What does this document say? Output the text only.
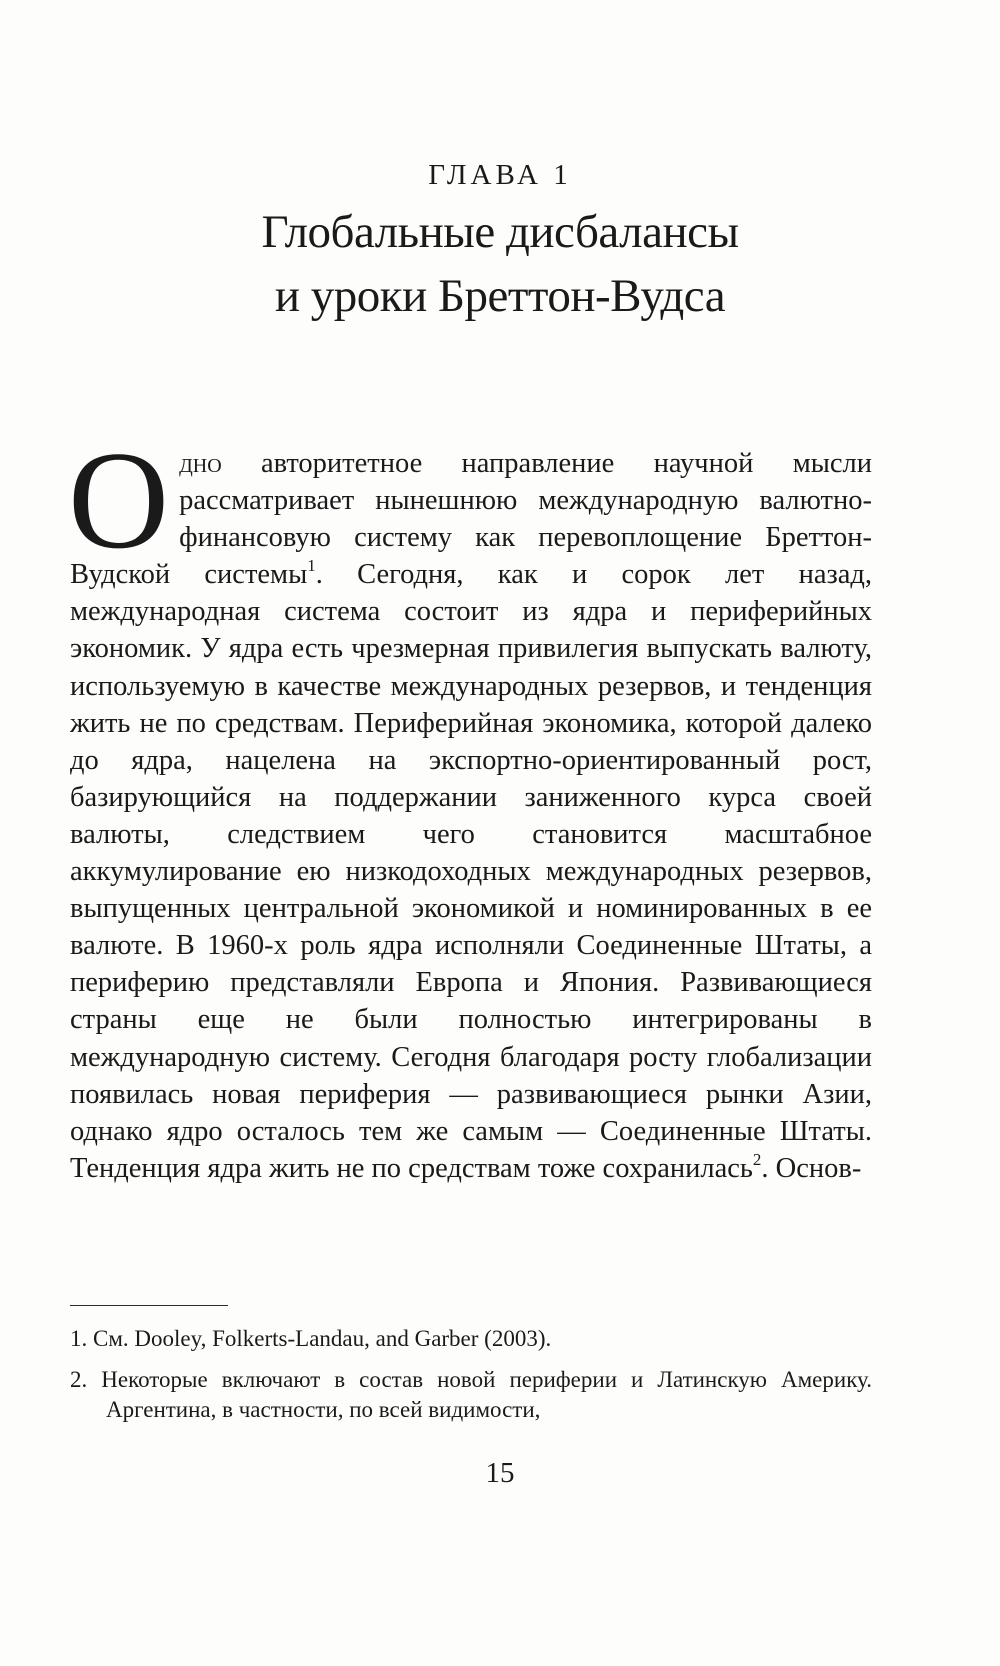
ГЛАВА 1
Глобальные дисбалансы
и уроки Бреттон-Вудса
Одно авторитетное направление научной мысли рассматривает нынешнюю международную валютно-финансовую систему как перевоплощение Бреттон-Вудской системы$^1$. Сегодня, как и сорок лет назад, международная система состоит из ядра и периферийных экономик. У ядра есть чрезмерная привилегия выпускать валюту, используемую в качестве международных резервов, и тенденция жить не по средствам. Периферийная экономика, которой далеко до ядра, нацелена на экспортно-ориентированный рост, базирующийся на поддержании заниженного курса своей валюты, следствием чего становится масштабное аккумулирование ею низкодоходных международных резервов, выпущенных центральной экономикой и номинированных в ее валюте. В 1960-х роль ядра исполняли Соединенные Штаты, а периферию представляли Европа и Япония. Развивающиеся страны еще не были полностью интегрированы в международную систему. Сегодня благодаря росту глобализации появилась новая периферия — развивающиеся рынки Азии, однако ядро осталось тем же самым — Соединенные Штаты. Тенденция ядра жить не по средствам тоже сохранилась$^2$. Основ-
1. См. Dooley, Folkerts-Landau, and Garber (2003).
2. Некоторые включают в состав новой периферии и Латинскую Америку. Аргентина, в частности, по всей видимости,
15
